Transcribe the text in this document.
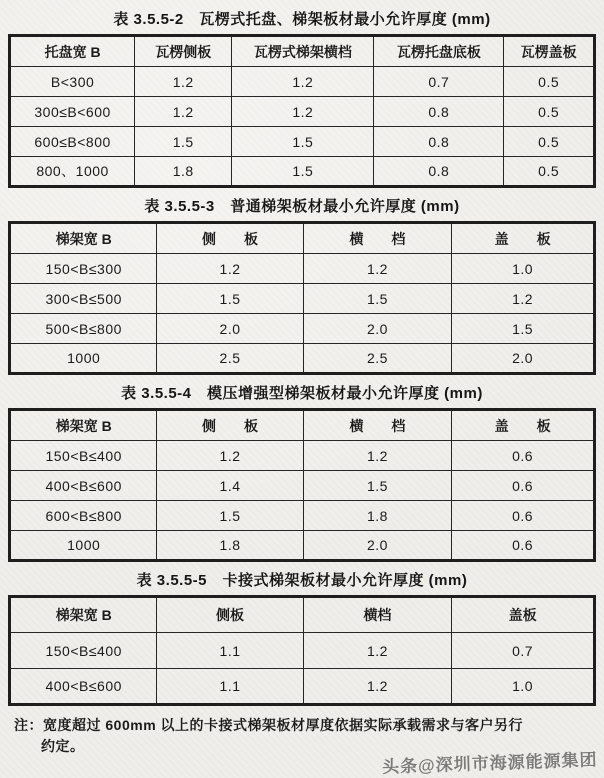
表 3.5.5-2　瓦楞式托盘、梯架板材最小允许厚度 (mm)
托盘宽 B	瓦楞侧板	瓦楞式梯架横档	瓦楞托盘底板	瓦楞盖板
B<300	1.2	1.2	0.7	0.5
300≤B<600	1.2	1.2	0.8	0.5
600≤B<800	1.5	1.5	0.8	0.5
800、1000	1.8	1.5	0.8	0.5
表 3.5.5-3　普通梯架板材最小允许厚度 (mm)
梯架宽 B	侧　　板	横　　档	盖　　板
150<B≤300	1.2	1.2	1.0
300<B≤500	1.5	1.5	1.2
500<B≤800	2.0	2.0	1.5
1000	2.5	2.5	2.0
表 3.5.5-4　模压增强型梯架板材最小允许厚度 (mm)
梯架宽 B	侧　　板	横　　档	盖　　板
150<B≤400	1.2	1.2	0.6
400<B≤600	1.4	1.5	0.6
600<B≤800	1.5	1.8	0.6
1000	1.8	2.0	0.6
表 3.5.5-5　卡接式梯架板材最小允许厚度 (mm)
梯架宽 B	侧板	横档	盖板
150<B≤400	1.1	1.2	0.7
400<B≤600	1.1	1.2	1.0
注：宽度超过 600mm 以上的卡接式梯架板材厚度依据实际承载需求与客户另行
约定。
头条@深圳市海源能源集团
